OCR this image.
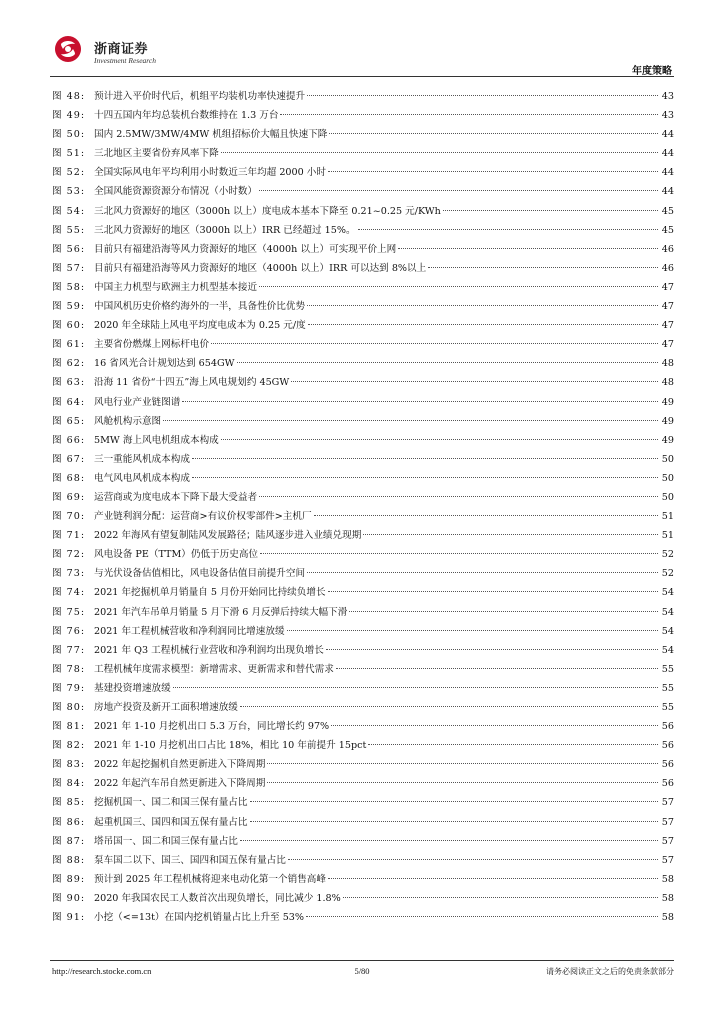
浙商证券
Investment Research
年度策略
图 48: 预计进入平价时代后，机组平均装机功率快速提升	43
图 49: 十四五国内年均总装机台数维持在 1.3 万台	43
图 50: 国内 2.5MW/3MW/4MW 机组招标价大幅且快速下降	44
图 51: 三北地区主要省份弃风率下降	44
图 52: 全国实际风电年平均利用小时数近三年均超 2000 小时	44
图 53: 全国风能资源资源分布情况（小时数）	44
图 54: 三北风力资源好的地区（3000h 以上）度电成本基本下降至 0.21~0.25 元/KWh	45
图 55: 三北风力资源好的地区（3000h 以上）IRR 已经超过 15%。	45
图 56: 目前只有福建沿海等风力资源好的地区（4000h 以上）可实现平价上网	46
图 57: 目前只有福建沿海等风力资源好的地区（4000h 以上）IRR 可以达到 8%以上	46
图 58: 中国主力机型与欧洲主力机型基本接近	47
图 59: 中国风机历史价格约海外的一半，具备性价比优势	47
图 60: 2020 年全球陆上风电平均度电成本为 0.25 元/度	47
图 61: 主要省份燃煤上网标杆电价	47
图 62: 16 省风光合计规划达到 654GW	48
图 63: 沿海 11 省份“十四五”海上风电规划约 45GW	48
图 64: 风电行业产业链图谱	49
图 65: 风舱机构示意图	49
图 66: 5MW 海上风电机组成本构成	49
图 67: 三一重能风机成本构成	50
图 68: 电气风电风机成本构成	50
图 69: 运营商或为度电成本下降下最大受益者	50
图 70: 产业链利润分配：运营商>有议价权零部件>主机厂	51
图 71: 2022 年海风有望复制陆风发展路径；陆风逐步进入业绩兑现期	51
图 72: 风电设备 PE（TTM）仍低于历史高位	52
图 73: 与光伏设备估值相比，风电设备估值目前提升空间	52
图 74: 2021 年挖掘机单月销量自 5 月份开始同比持续负增长	54
图 75: 2021 年汽车吊单月销量 5 月下滑 6 月反弹后持续大幅下滑	54
图 76: 2021 年工程机械营收和净利润同比增速放缓	54
图 77: 2021 年 Q3 工程机械行业营收和净利润均出现负增长	54
图 78: 工程机械年度需求模型：新增需求、更新需求和替代需求	55
图 79: 基建投资增速放缓	55
图 80: 房地产投资及新开工面积增速放缓	55
图 81: 2021 年 1-10 月挖机出口 5.3 万台，同比增长约 97%	56
图 82: 2021 年 1-10 月挖机出口占比 18%，相比 10 年前提升 15pct	56
图 83: 2022 年起挖掘机自然更新进入下降周期	56
图 84: 2022 年起汽车吊自然更新进入下降周期	56
图 85: 挖掘机国一、国二和国三保有量占比	57
图 86: 起重机国三、国四和国五保有量占比	57
图 87: 塔吊国一、国二和国三保有量占比	57
图 88: 泵车国二以下、国三、国四和国五保有量占比	57
图 89: 预计到 2025 年工程机械将迎来电动化第一个销售高峰	58
图 90: 2020 年我国农民工人数首次出现负增长，同比减少 1.8%	58
图 91: 小挖（<=13t）在国内挖机销量占比上升至 53%	58
http://research.stocke.com.cn	5/80	请务必阅读正文之后的免责条款部分
